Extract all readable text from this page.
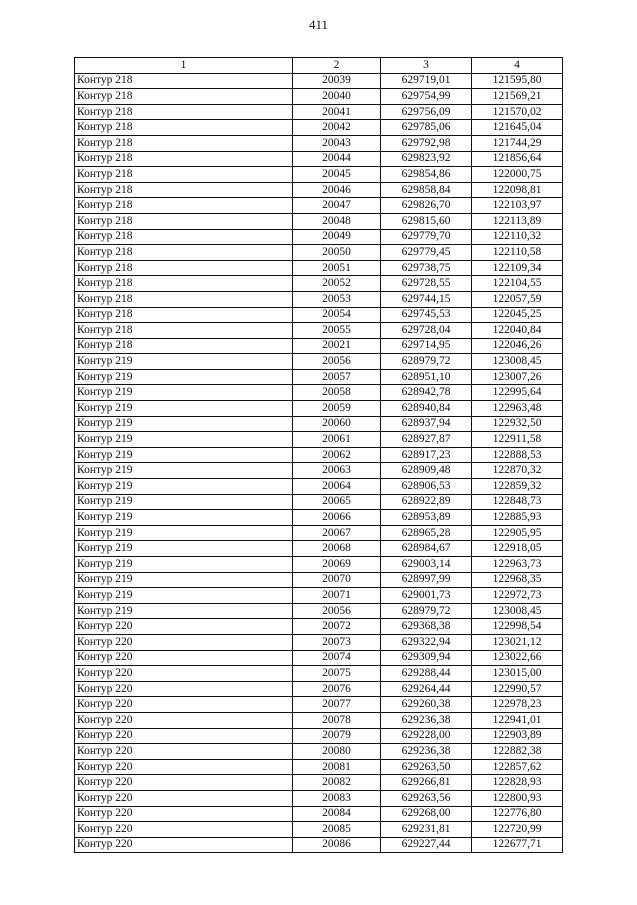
411
1	2	3	4
Контур 218	20039	629719,01	121595,80
Контур 218	20040	629754,99	121569,21
Контур 218	20041	629756,09	121570,02
Контур 218	20042	629785,06	121645,04
Контур 218	20043	629792,98	121744,29
Контур 218	20044	629823,92	121856,64
Контур 218	20045	629854,86	122000,75
Контур 218	20046	629858,84	122098,81
Контур 218	20047	629826,70	122103,97
Контур 218	20048	629815,60	122113,89
Контур 218	20049	629779,70	122110,32
Контур 218	20050	629779,45	122110,58
Контур 218	20051	629738,75	122109,34
Контур 218	20052	629728,55	122104,55
Контур 218	20053	629744,15	122057,59
Контур 218	20054	629745,53	122045,25
Контур 218	20055	629728,04	122040,84
Контур 218	20021	629714,95	122046,26
Контур 219	20056	628979,72	123008,45
Контур 219	20057	628951,10	123007,26
Контур 219	20058	628942,78	122995,64
Контур 219	20059	628940,84	122963,48
Контур 219	20060	628937,94	122932,50
Контур 219	20061	628927,87	122911,58
Контур 219	20062	628917,23	122888,53
Контур 219	20063	628909,48	122870,32
Контур 219	20064	628906,53	122859,32
Контур 219	20065	628922,89	122848,73
Контур 219	20066	628953,89	122885,93
Контур 219	20067	628965,28	122905,95
Контур 219	20068	628984,67	122918,05
Контур 219	20069	629003,14	122963,73
Контур 219	20070	628997,99	122968,35
Контур 219	20071	629001,73	122972,73
Контур 219	20056	628979,72	123008,45
Контур 220	20072	629368,38	122998,54
Контур 220	20073	629322,94	123021,12
Контур 220	20074	629309,94	123022,66
Контур 220	20075	629288,44	123015,00
Контур 220	20076	629264,44	122990,57
Контур 220	20077	629260,38	122978,23
Контур 220	20078	629236,38	122941,01
Контур 220	20079	629228,00	122903,89
Контур 220	20080	629236,38	122882,38
Контур 220	20081	629263,50	122857,62
Контур 220	20082	629266,81	122828,93
Контур 220	20083	629263,56	122800,93
Контур 220	20084	629268,00	122776,80
Контур 220	20085	629231,81	122720,99
Контур 220	20086	629227,44	122677,71
